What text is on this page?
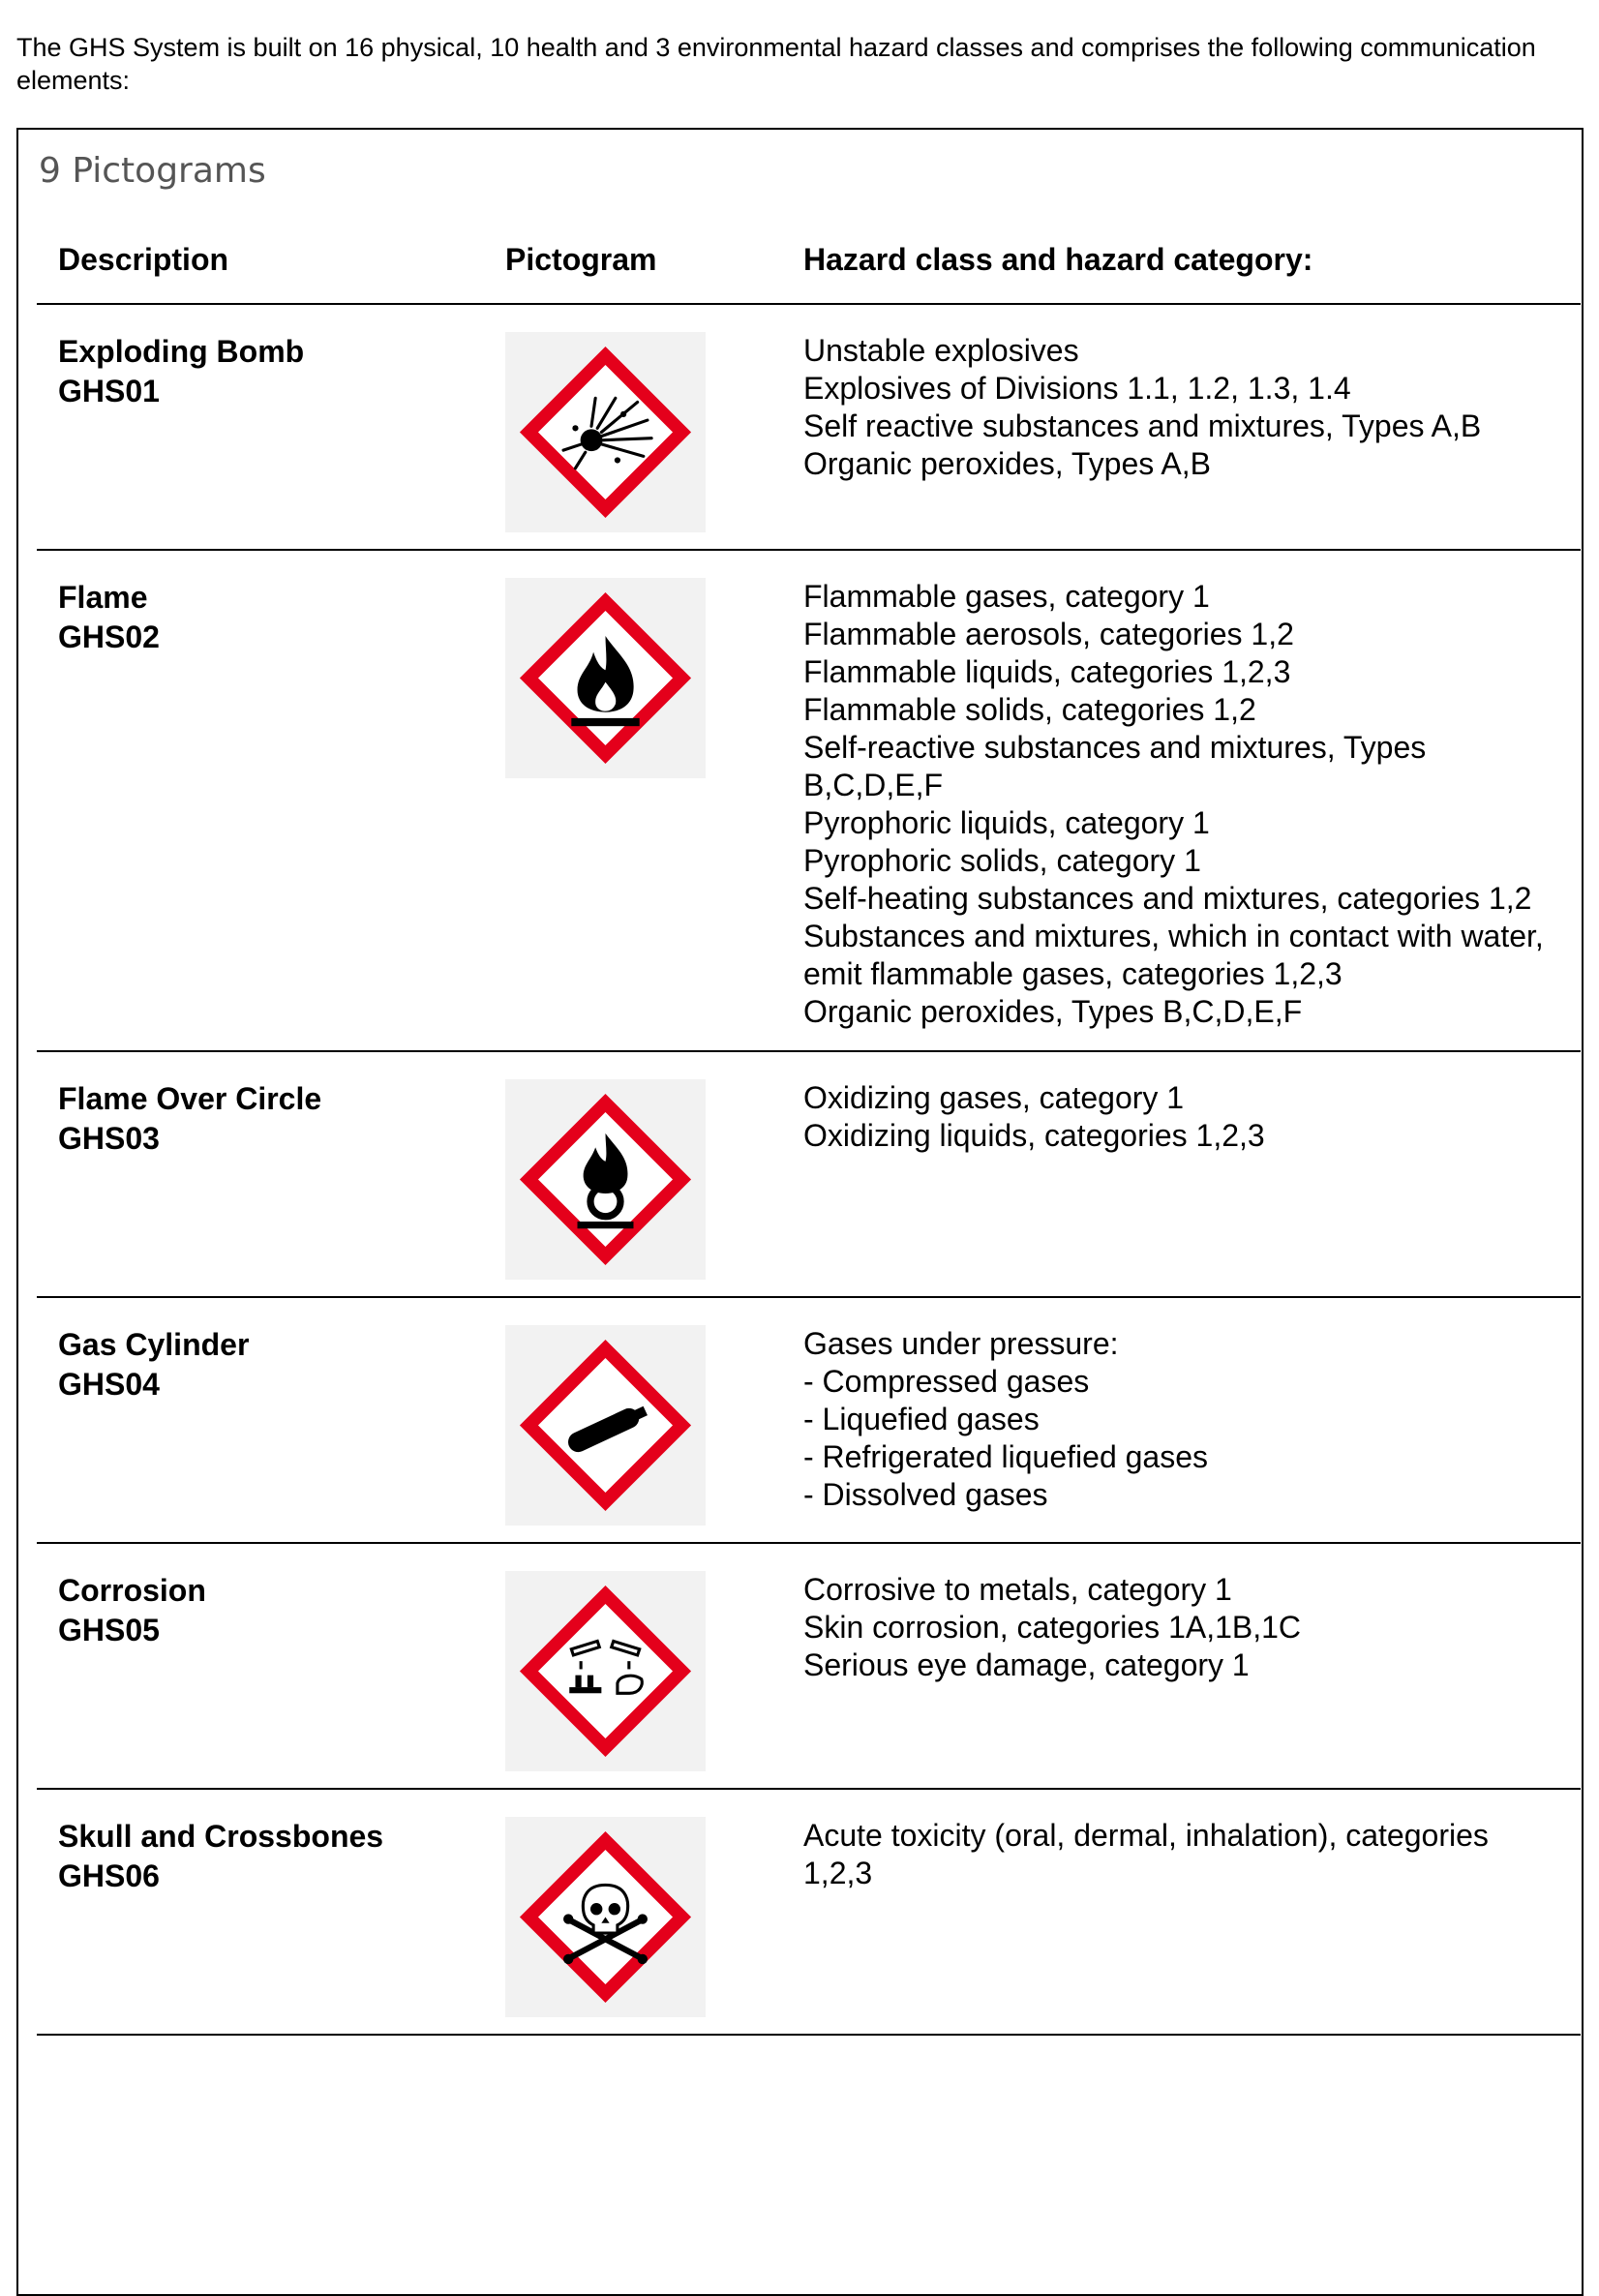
The GHS System is built on 16 physical, 10 health and 3 environmental hazard classes and comprises the following communication elements:

9 Pictograms
Description	Pictogram	Hazard class and hazard category:
Exploding Bomb
GHS01
Unstable explosives
Explosives of Divisions 1.1, 1.2, 1.3, 1.4
Self reactive substances and mixtures, Types A,B
Organic peroxides, Types A,B
Flame
GHS02
Flammable gases, category 1
Flammable aerosols, categories 1,2
Flammable liquids, categories 1,2,3
Flammable solids, categories 1,2
Self-reactive substances and mixtures, Types B,C,D,E,F
Pyrophoric liquids, category 1
Pyrophoric solids, category 1
Self-heating substances and mixtures, categories 1,2
Substances and mixtures, which in contact with water, emit flammable gases, categories 1,2,3
Organic peroxides, Types B,C,D,E,F
Flame Over Circle
GHS03
Oxidizing gases, category 1
Oxidizing liquids, categories 1,2,3
Gas Cylinder
GHS04
Gases under pressure:
- Compressed gases
- Liquefied gases
- Refrigerated liquefied gases
- Dissolved gases
Corrosion
GHS05
Corrosive to metals, category 1
Skin corrosion, categories 1A,1B,1C
Serious eye damage, category 1
Skull and Crossbones
GHS06
Acute toxicity (oral, dermal, inhalation), categories 1,2,3
